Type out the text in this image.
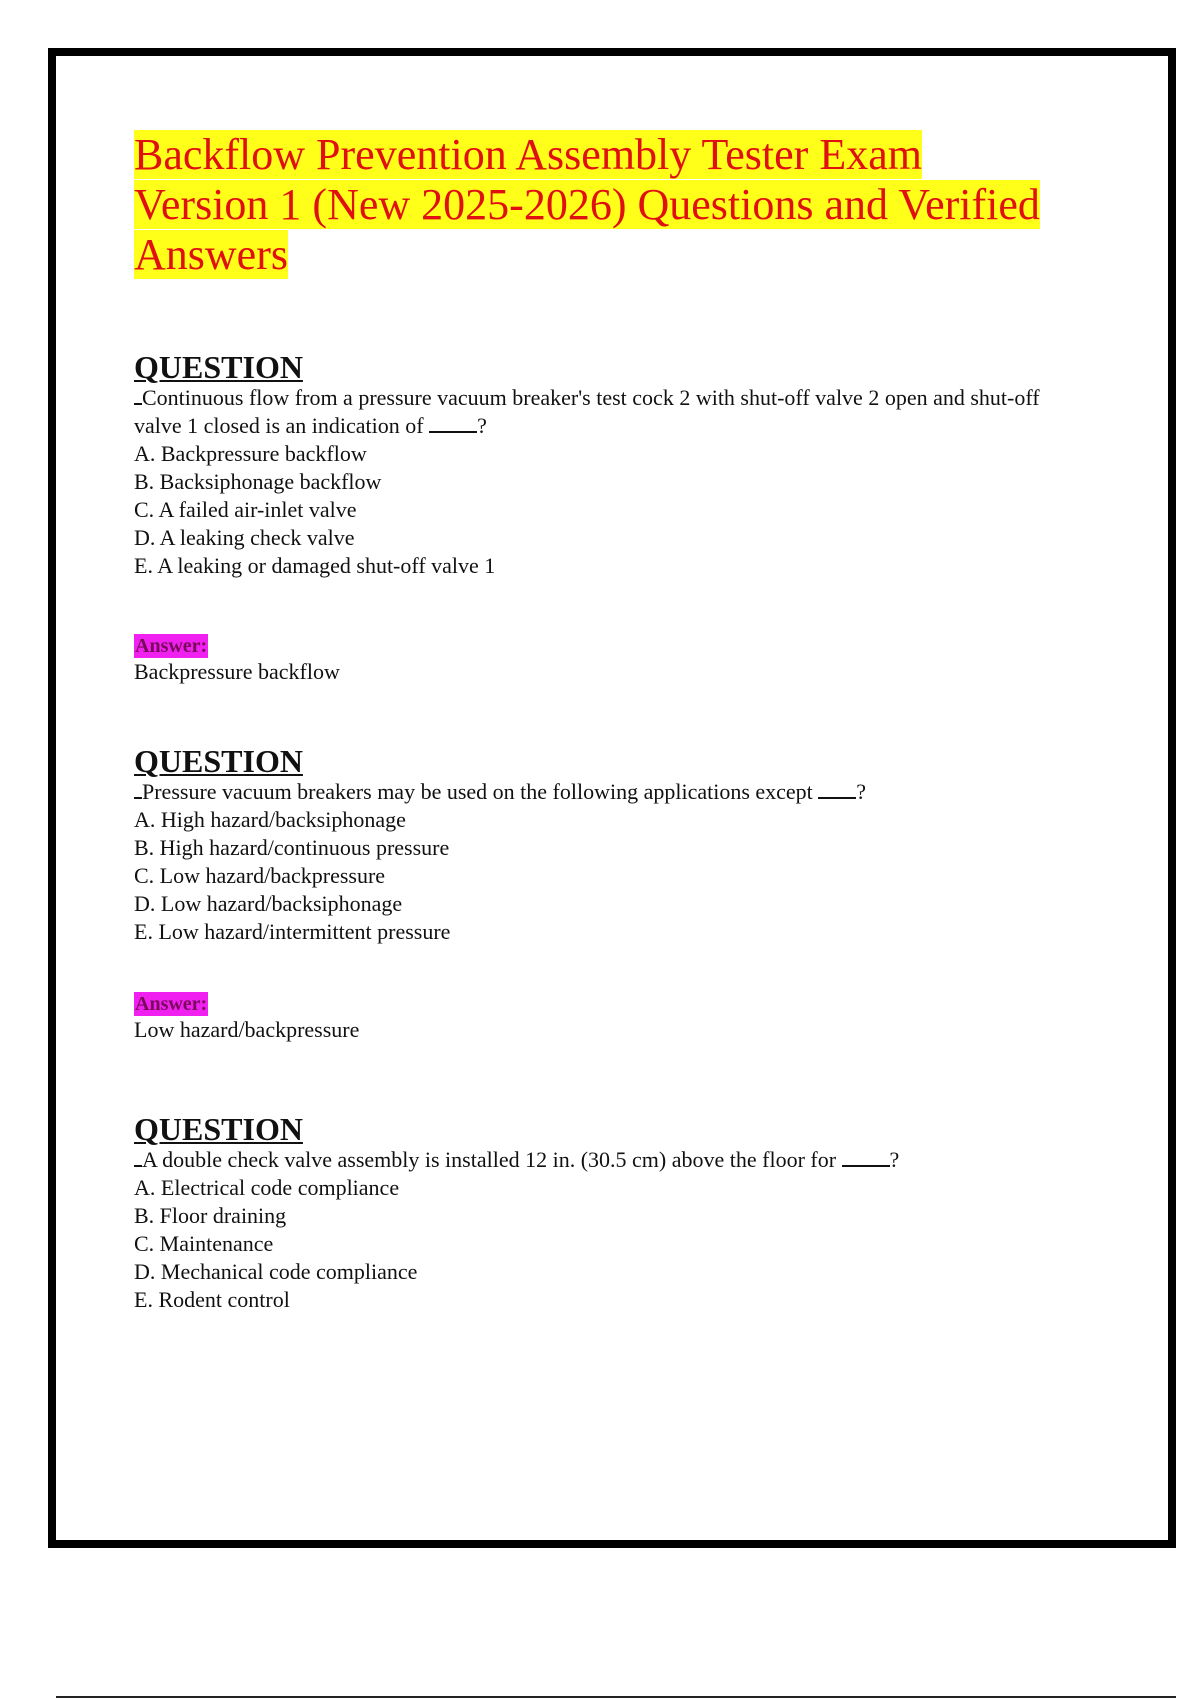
Backflow Prevention Assembly Tester Exam
Version 1 (New 2025-2026) Questions and Verified
Answers
QUESTION

Continuous flow from a pressure vacuum breaker's test cock 2 with shut-off valve 2 open and shut-off valve 1 closed is an indication of ?

A. Backpressure backflow
B. Backsiphonage backflow
C. A failed air-inlet valve
D. A leaking check valve
E. A leaking or damaged shut-off valve 1
Answer:

Backpressure backflow

QUESTION

Pressure vacuum breakers may be used on the following applications except ?

A. High hazard/backsiphonage
B. High hazard/continuous pressure
C. Low hazard/backpressure
D. Low hazard/backsiphonage
E. Low hazard/intermittent pressure
Answer:

Low hazard/backpressure

QUESTION

A double check valve assembly is installed 12 in. (30.5 cm) above the floor for ?

A. Electrical code compliance
B. Floor draining
C. Maintenance
D. Mechanical code compliance
E. Rodent control
